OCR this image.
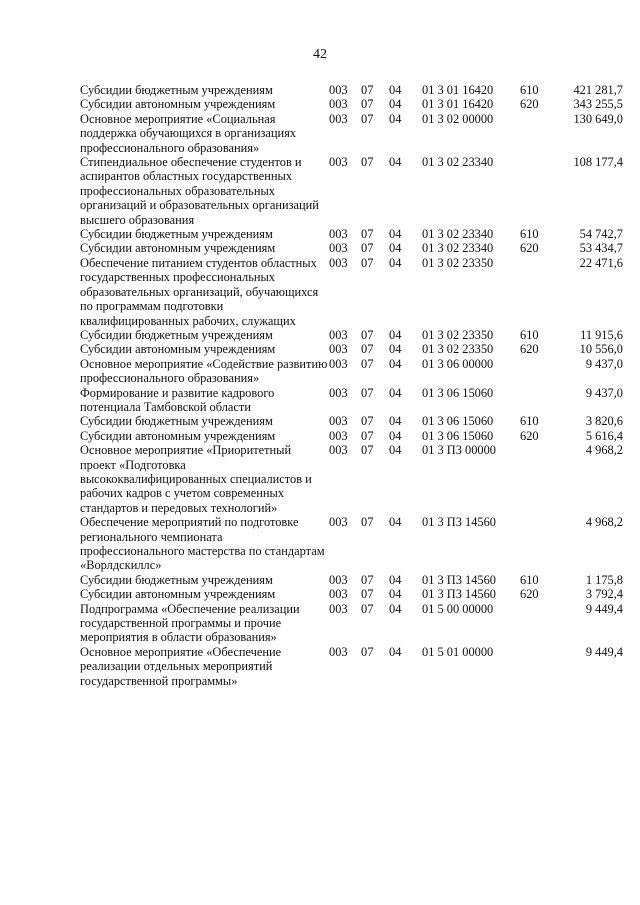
42
Субсидии бюджетным учреждениям	003	07	04	01 3 01 16420	610	421 281,7
Субсидии автономным учреждениям	003	07	04	01 3 01 16420	620	343 255,5
Основное мероприятие «Социальная поддержка обучающихся в организациях профессионального образования»	003	07	04	01 3 02 00000		130 649,0
Стипендиальное обеспечение студентов и аспирантов областных государственных профессиональных образовательных организаций и образовательных организаций высшего образования	003	07	04	01 3 02 23340		108 177,4
Субсидии бюджетным учреждениям	003	07	04	01 3 02 23340	610	54 742,7
Субсидии автономным учреждениям	003	07	04	01 3 02 23340	620	53 434,7
Обеспечение питанием студентов областных государственных профессиональных образовательных организаций, обучающихся по программам подготовки квалифицированных рабочих, служащих	003	07	04	01 3 02 23350		22 471,6
Субсидии бюджетным учреждениям	003	07	04	01 3 02 23350	610	11 915,6
Субсидии автономным учреждениям	003	07	04	01 3 02 23350	620	10 556,0
Основное мероприятие «Содействие развитию профессионального образования»	003	07	04	01 3 06 00000		9 437,0
Формирование и развитие кадрового потенциала Тамбовской области	003	07	04	01 3 06 15060		9 437,0
Субсидии бюджетным учреждениям	003	07	04	01 3 06 15060	610	3 820,6
Субсидии автономным учреждениям	003	07	04	01 3 06 15060	620	5 616,4
Основное мероприятие «Приоритетный проект «Подготовка высококвалифицированных специалистов и рабочих кадров с учетом современных стандартов и передовых технологий»	003	07	04	01 3 П3 00000		4 968,2
Обеспечение мероприятий по подготовке регионального чемпионата профессионального мастерства по стандартам «Ворлдскиллс»	003	07	04	01 3 П3 14560		4 968,2
Субсидии бюджетным учреждениям	003	07	04	01 3 П3 14560	610	1 175,8
Субсидии автономным учреждениям	003	07	04	01 3 П3 14560	620	3 792,4
Подпрограмма «Обеспечение реализации государственной программы и прочие мероприятия в области образования»	003	07	04	01 5 00 00000		9 449,4
Основное мероприятие «Обеспечение реализации отдельных мероприятий государственной программы»	003	07	04	01 5 01 00000		9 449,4
